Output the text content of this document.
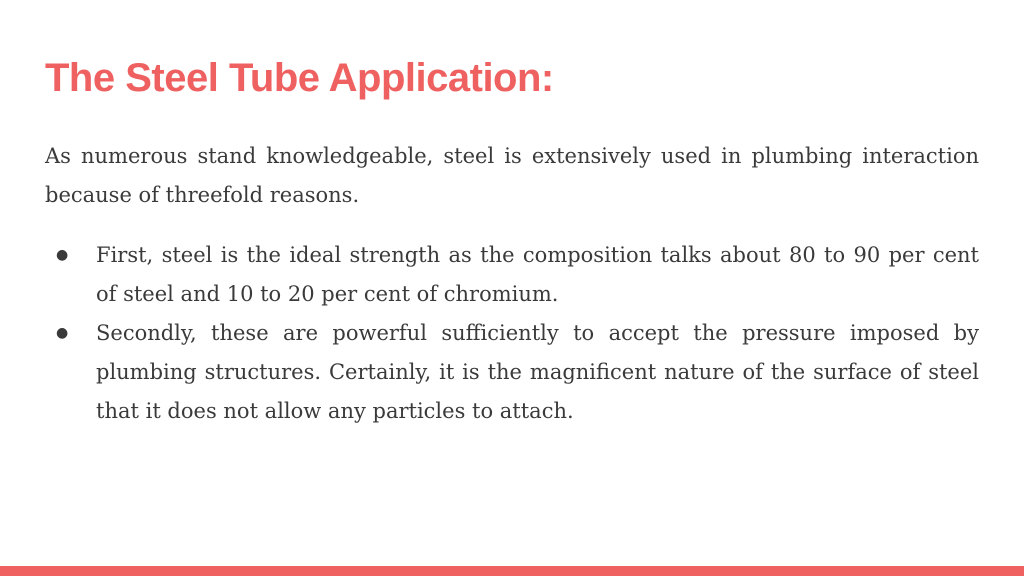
The Steel Tube Application:

As numerous stand knowledgeable, steel is extensively used in plumbing interaction because of threefold reasons.

● First, steel is the ideal strength as the composition talks about 80 to 90 per cent of steel and 10 to 20 per cent of chromium.
● Secondly, these are powerful sufficiently to accept the pressure imposed by plumbing structures. Certainly, it is the magnificent nature of the surface of steel that it does not allow any particles to attach.
